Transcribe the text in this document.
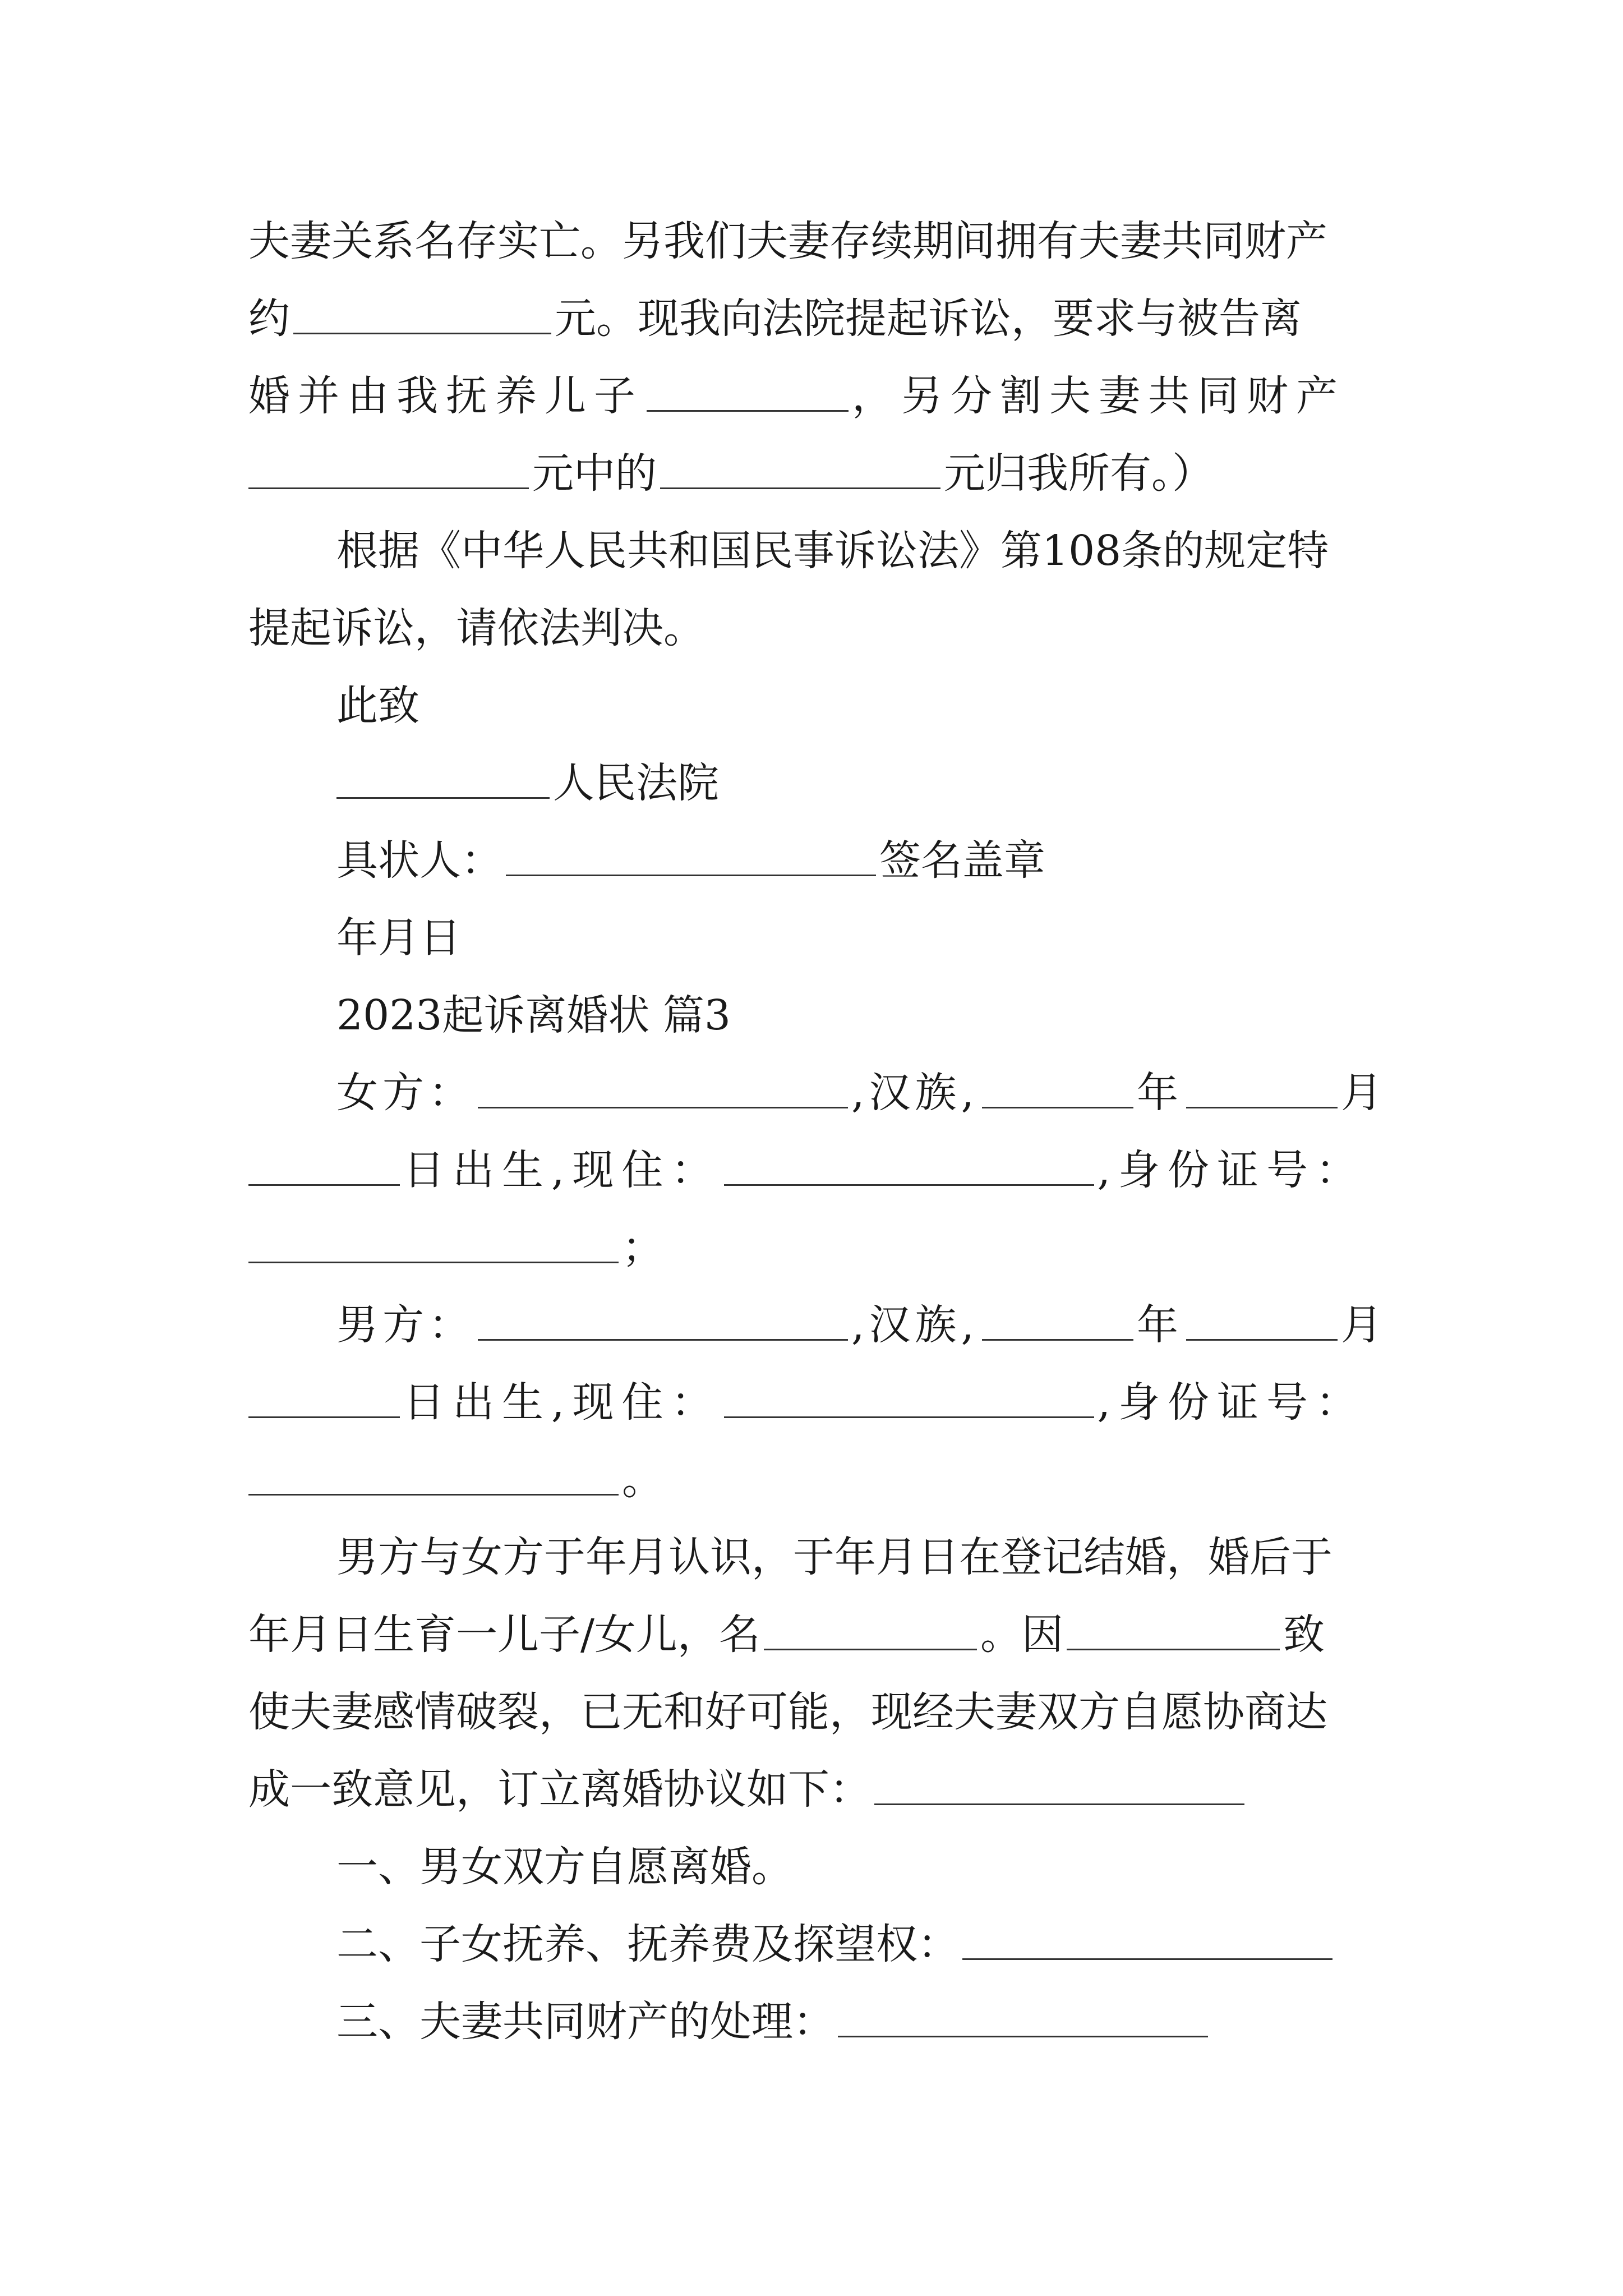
夫妻关系名存实亡。另我们夫妻存续期间拥有夫妻共同财产
约	元。现我向法院提起诉讼，要求与被告离
婚并由我抚养儿子	，另分割夫妻共同财产
元中的	元归我所有。）
根据《中华人民共和国民事诉讼法》第108条的规定特
提起诉讼，请依法判决。
此致
人民法院
具状人：	签名盖章
年月日
2023起诉离婚状 篇3
女方：	,汉族,	年	月
日出生,现住：	,身份证号：
；
男方：	,汉族,	年	月
日出生,现住：	,身份证号：
。
男方与女方于年月认识，于年月日在登记结婚，婚后于
年月日生育一儿子/女儿，名	。因	致
使夫妻感情破裂，已无和好可能，现经夫妻双方自愿协商达
成一致意见，订立离婚协议如下：
一、男女双方自愿离婚。
二、子女抚养、抚养费及探望权：
三、夫妻共同财产的处理：
